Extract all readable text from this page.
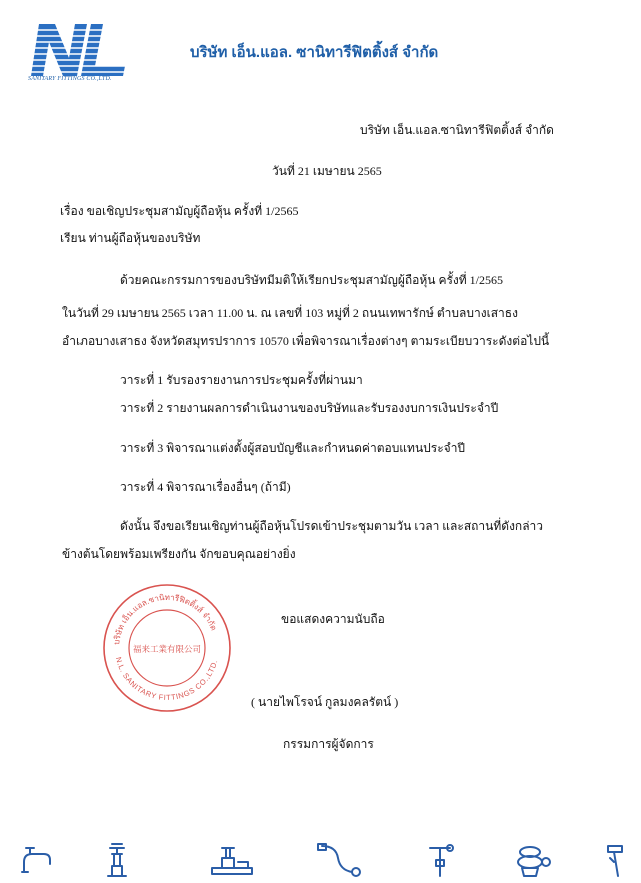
SANITARY FITTINGS CO.,LTD.
บริษัท เอ็น.แอล. ซานิทารีฟิตติ้งส์ จำกัด
บริษัท เอ็น.แอล.ซานิทารีฟิตติ้งส์ จำกัด
วันที่ 21 เมษายน 2565
เรื่อง ขอเชิญประชุมสามัญผู้ถือหุ้น ครั้งที่ 1/2565
เรียน ท่านผู้ถือหุ้นของบริษัท
ด้วยคณะกรรมการของบริษัทมีมติให้เรียกประชุมสามัญผู้ถือหุ้น ครั้งที่ 1/2565
ในวันที่ 29 เมษายน 2565 เวลา 11.00 น. ณ เลขที่ 103 หมู่ที่ 2 ถนนเทพารักษ์ ตำบลบางเสาธง
อำเภอบางเสาธง จังหวัดสมุทรปราการ 10570 เพื่อพิจารณาเรื่องต่างๆ ตามระเบียบวาระดังต่อไปนี้
วาระที่ 1 รับรองรายงานการประชุมครั้งที่ผ่านมา
วาระที่ 2 รายงานผลการดำเนินงานของบริษัทและรับรองงบการเงินประจำปี
วาระที่ 3 พิจารณาแต่งตั้งผู้สอบบัญชีและกำหนดค่าตอบแทนประจำปี
วาระที่ 4 พิจารณาเรื่องอื่นๆ (ถ้ามี)
ดังนั้น จึงขอเรียนเชิญท่านผู้ถือหุ้นโปรดเข้าประชุมตามวัน เวลา และสถานที่ดังกล่าว
ข้างต้นโดยพร้อมเพรียงกัน จักขอบคุณอย่างยิ่ง
ขอแสดงความนับถือ
( นายไพโรจน์ กูลมงคลรัตน์ )
กรรมการผู้จัดการ
บริษัท เอ็น.แอล.ซานิทารีฟิตติ้งส์ จำกัด
N.L. SANITARY FITTINGS CO.,LTD.
福来工業有限公司
